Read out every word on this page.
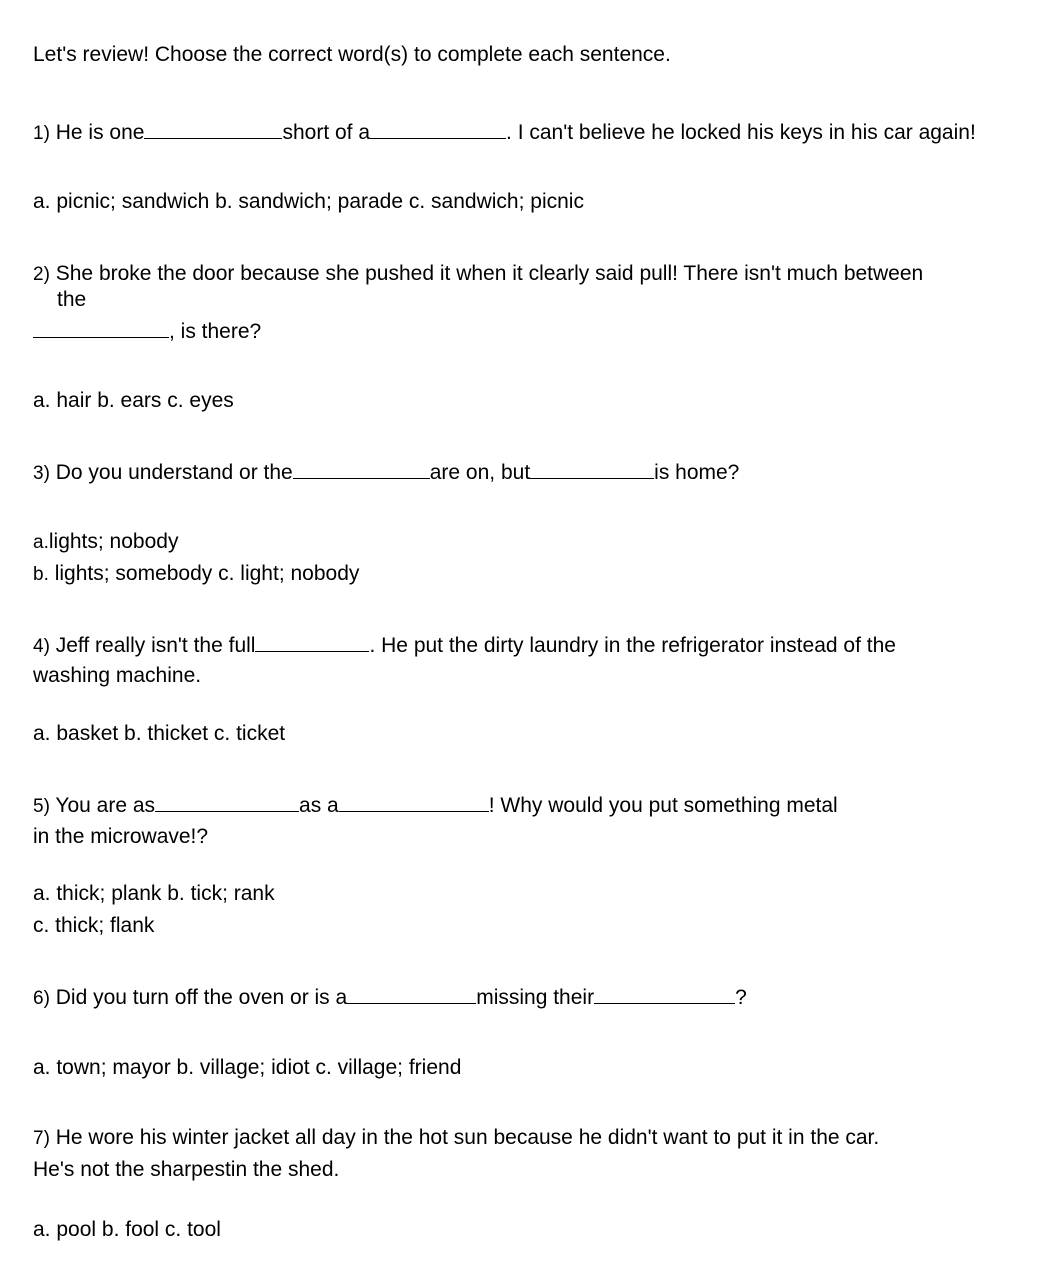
Let's review! Choose the correct word(s) to complete each sentence.
1) He is one	short of a	. I can't believe he locked his keys in his car again!
a. picnic; sandwich b. sandwich; parade c. sandwich; picnic
2) She broke the door because she pushed it when it clearly said pull! There isn't much between
the
, is there?
a. hair b. ears c. eyes
3) Do you understand or the	are on, but	is home?
a.lights; nobody
b. lights; somebody c. light; nobody
4) Jeff really isn't the full	. He put the dirty laundry in the refrigerator instead of the
washing machine.
a. basket b. thicket c. ticket
5) You are as	as a	! Why would you put something metal
in the microwave!?
a. thick; plank b. tick; rank
c. thick; flank
6) Did you turn off the oven or is a	missing their	?
a. town; mayor b. village; idiot c. village; friend
7) He wore his winter jacket all day in the hot sun because he didn't want to put it in the car.
He's not the sharpestin the shed.
a. pool b. fool c. tool
